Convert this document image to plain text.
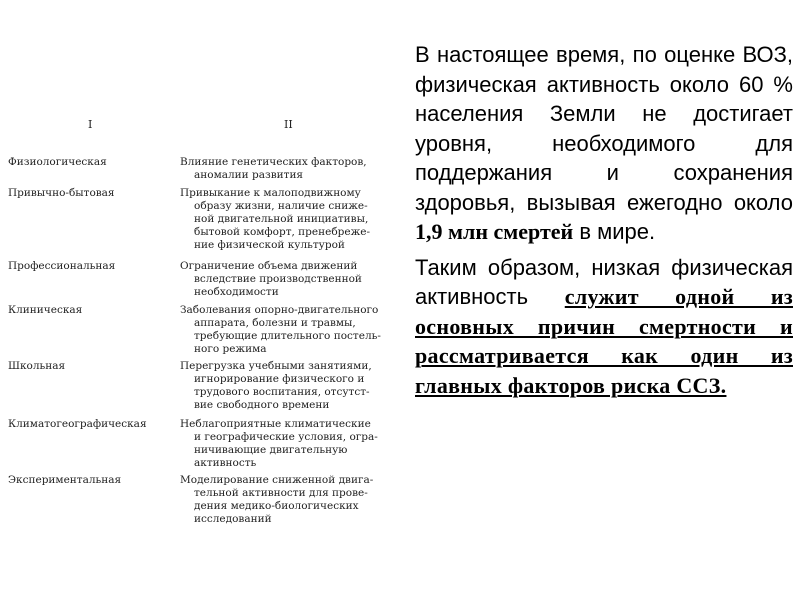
I	II
Физиологическая	Влияние генетических факторов,
аномалии развития
Привычно-бытовая	Привыкание к малоподвижному
образу жизни, наличие сниже-
ной двигательной инициативы,
бытовой комфорт, пренебреже-
ние физической культурой
Профессиональная	Ограничение объема движений
вследствие производственной
необходимости
Клиническая	Заболевания опорно-двигательного
аппарата, болезни и травмы,
требующие длительного постель-
ного режима
Школьная	Перегрузка учебными занятиями,
игнорирование физического и
трудового воспитания, отсутст-
вие свободного времени
Климатогеографическая	Неблагоприятные климатические
и географические условия, огра-
ничивающие двигательную
активность
Экспериментальная	Моделирование сниженной двига-
тельной активности для прове-
дения медико-биологических
исследований

В настоящее время, по оценке ВОЗ, физическая активность около 60 % населения Земли не достигает уровня, необходимого для поддержания и сохранения здоровья, вызывая ежегодно около 1,9 млн смертей в мире.

Таким образом, низкая физическая активность служит одной из основных причин смертности и рассматривается как один из главных факторов риска ССЗ.
